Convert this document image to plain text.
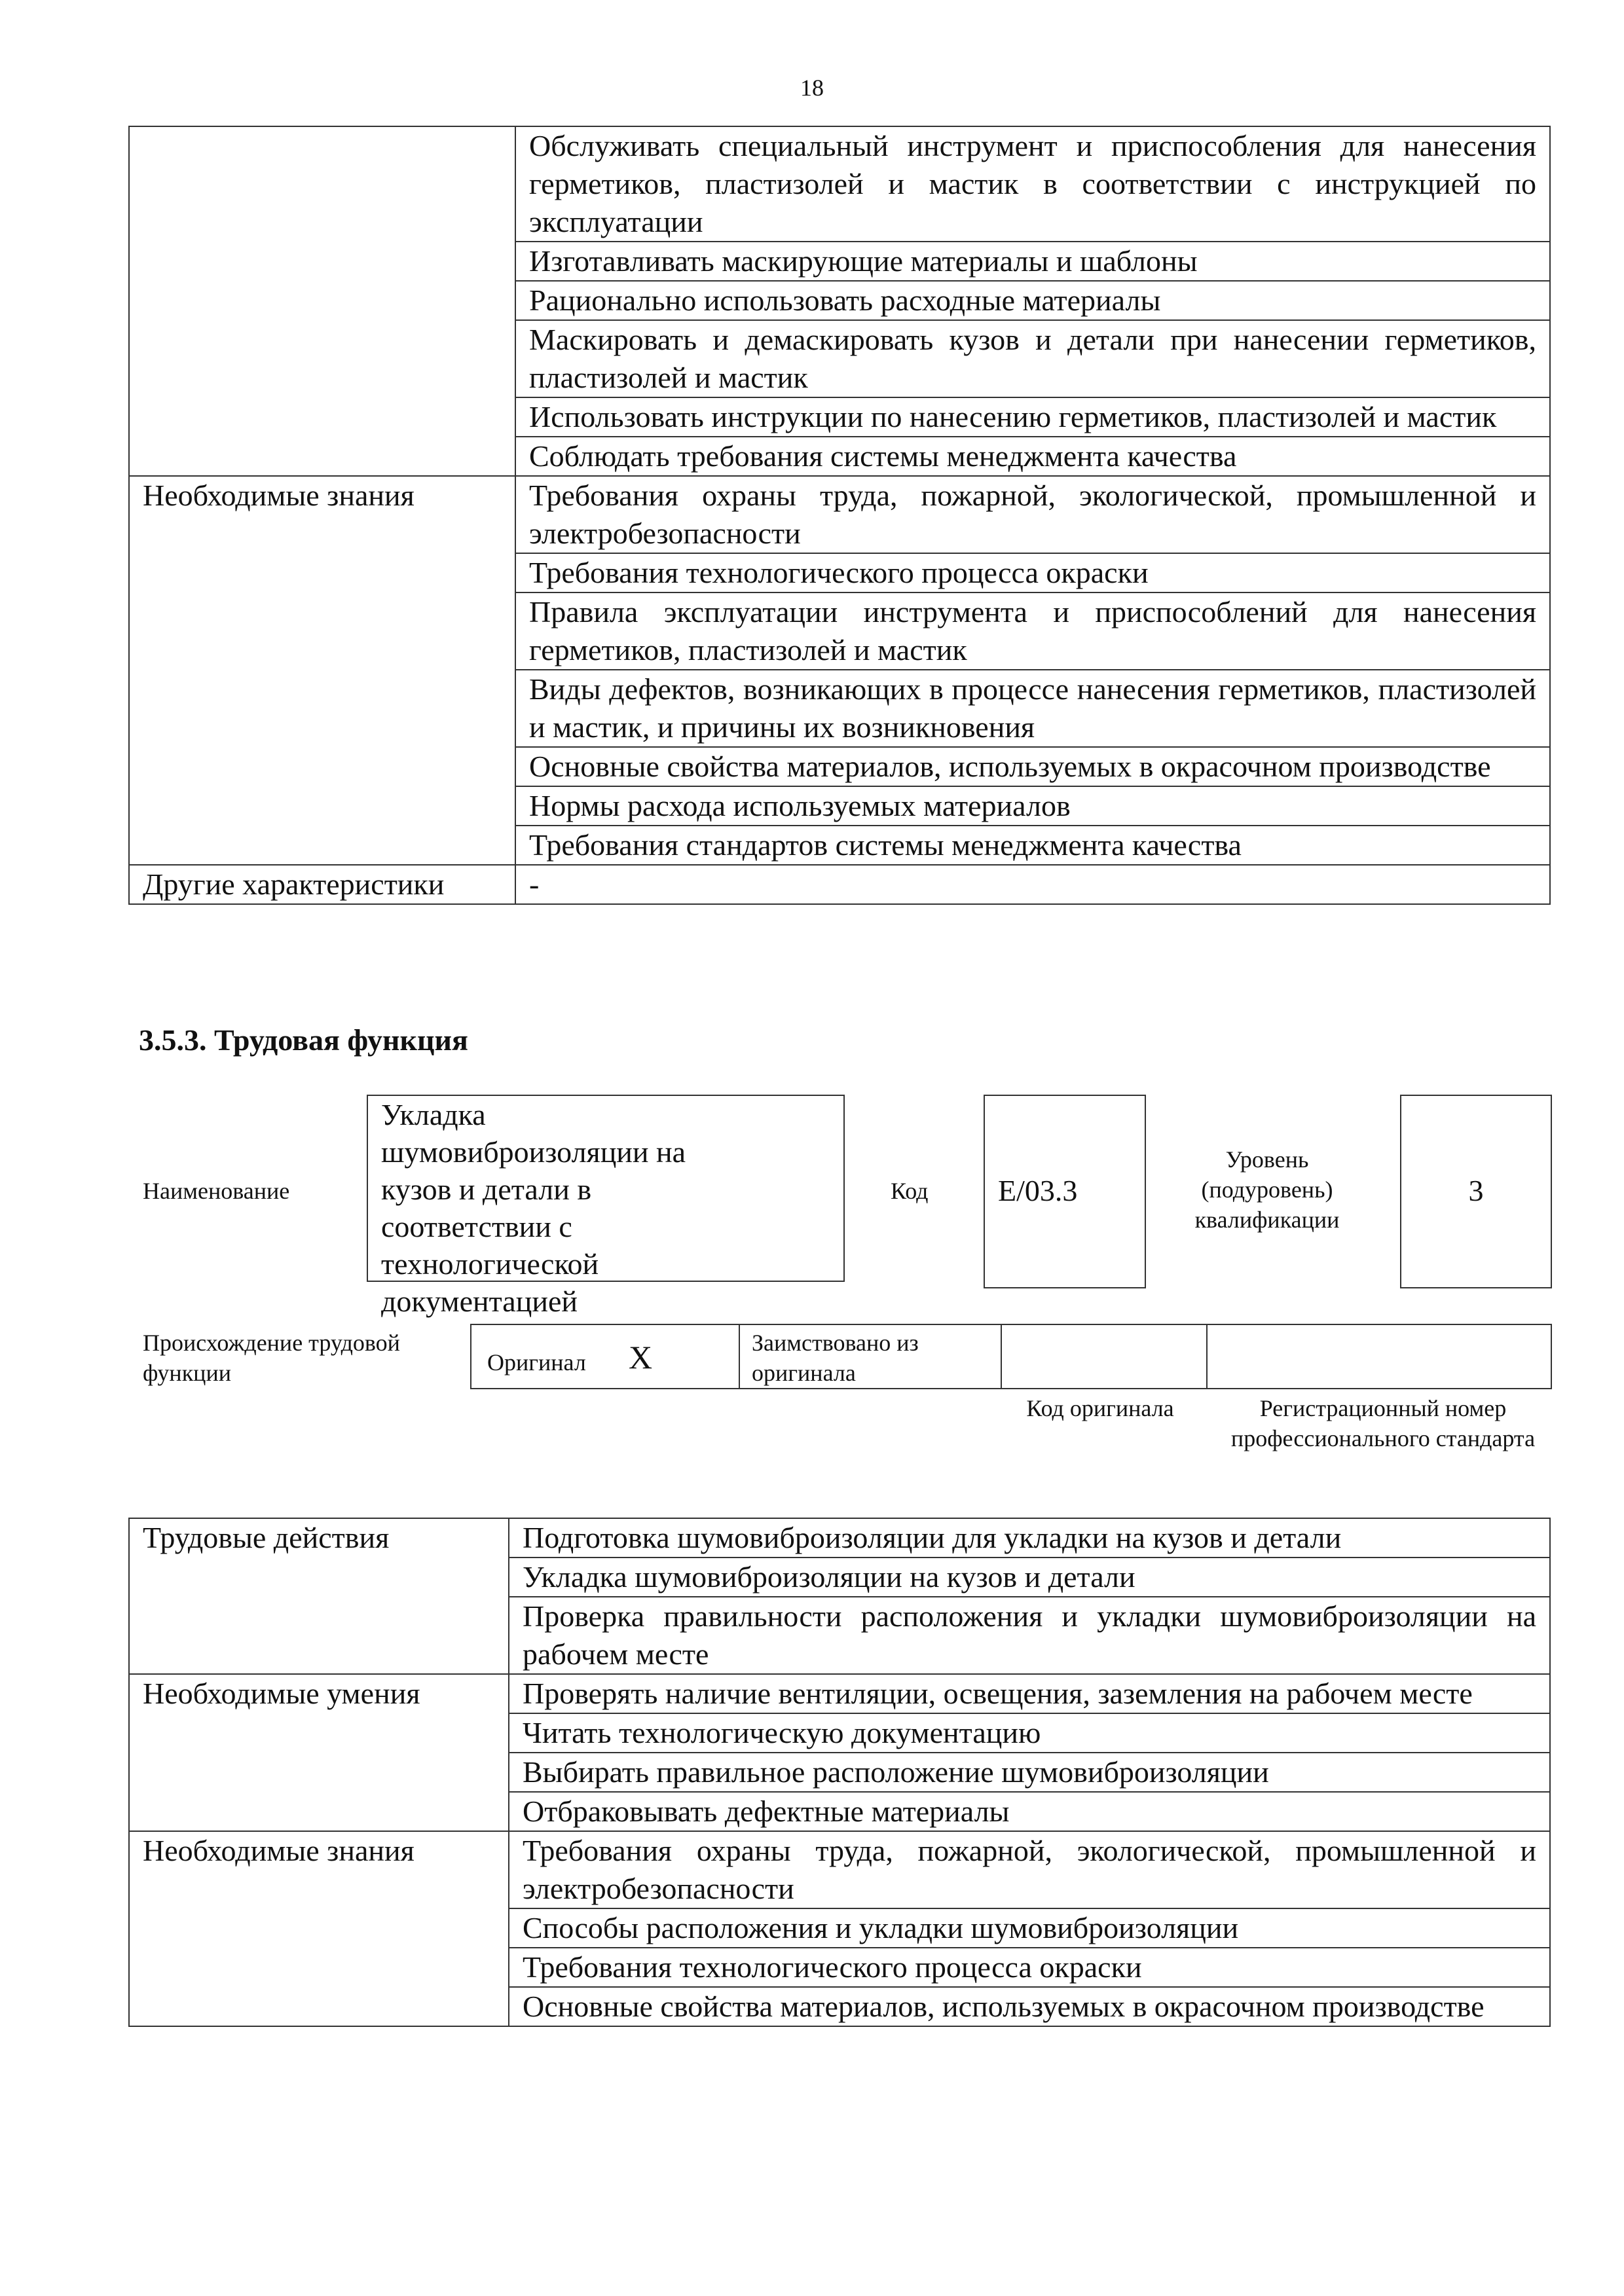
18
	Обслуживать специальный инструмент и приспособления для нанесения герметиков, пластизолей и мастик в соответствии с инструкцией по эксплуатации
	Изготавливать маскирующие материалы и шаблоны
	Рационально использовать расходные материалы
	Маскировать и демаскировать кузов и детали при нанесении герметиков, пластизолей и мастик
	Использовать инструкции по нанесению герметиков, пластизолей и мастик
	Соблюдать требования системы менеджмента качества
Необходимые знания	Требования охраны труда, пожарной, экологической, промышленной и электробезопасности
	Требования технологического процесса окраски
	Правила эксплуатации инструмента и приспособлений для нанесения герметиков, пластизолей и мастик
	Виды дефектов, возникающих в процессе нанесения герметиков, пластизолей и мастик, и причины их возникновения
	Основные свойства материалов, используемых в окрасочном производстве
	Нормы расхода используемых материалов
	Требования стандартов системы менеджмента качества
Другие характеристики	-
3.5.3. Трудовая функция
Наименование
Укладка шумовиброизоляции на кузов и детали в соответствии с технологической документацией
Код E/03.3
Уровень (подуровень) квалификации
3
Происхождение трудовой функции	Оригинал X	Заимствовано из оригинала
Код оригинала	Регистрационный номер профессионального стандарта
Трудовые действия	Подготовка шумовиброизоляции для укладки на кузов и детали
	Укладка шумовиброизоляции на кузов и детали
	Проверка правильности расположения и укладки шумовиброизоляции на рабочем месте
Необходимые умения	Проверять наличие вентиляции, освещения, заземления на рабочем месте
	Читать технологическую документацию
	Выбирать правильное расположение шумовиброизоляции
	Отбраковывать дефектные материалы
Необходимые знания	Требования охраны труда, пожарной, экологической, промышленной и электробезопасности
	Способы расположения и укладки шумовиброизоляции
	Требования технологического процесса окраски
	Основные свойства материалов, используемых в окрасочном производстве
